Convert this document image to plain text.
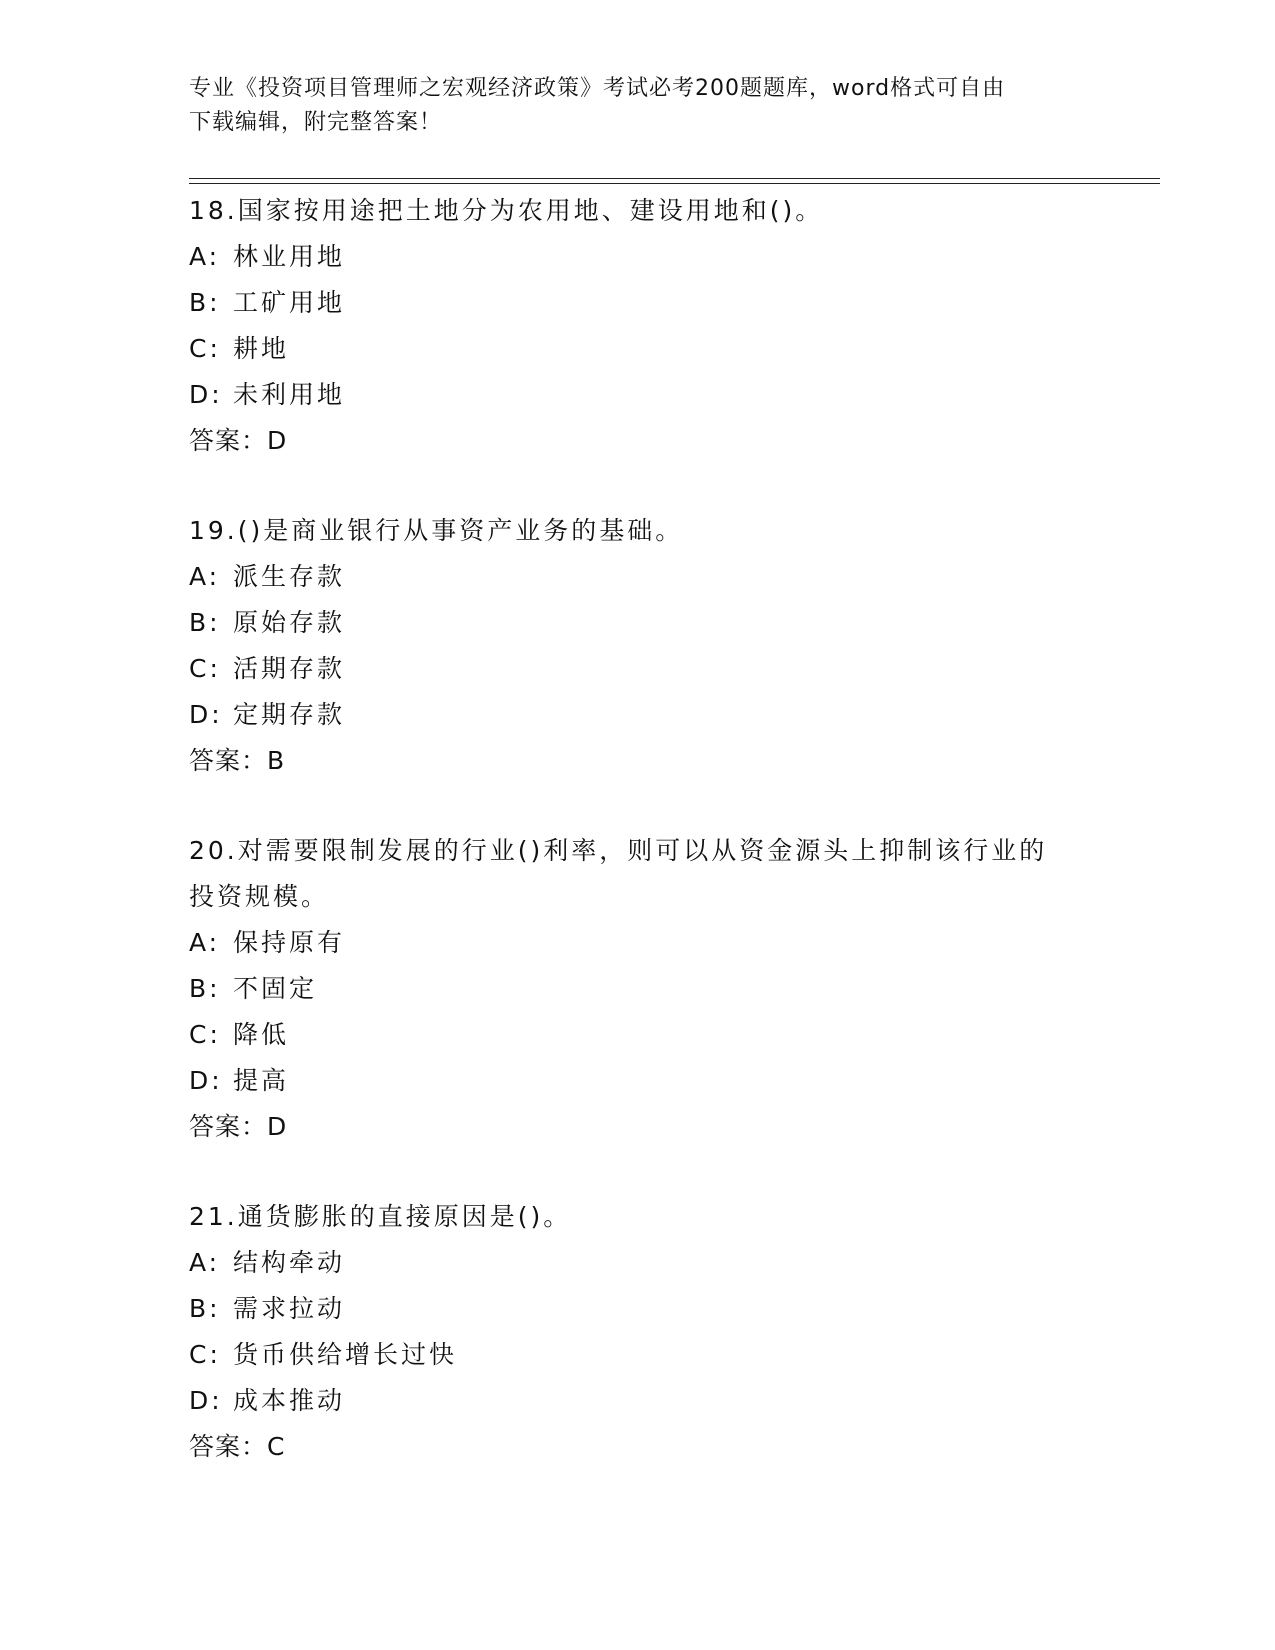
专业《投资项目管理师之宏观经济政策》考试必考200题题库，word格式可自由

下载编辑，附完整答案！

18.国家按用途把土地分为农用地、建设用地和()。
A: 林业用地
B: 工矿用地
C: 耕地
D: 未利用地
答案：D
19.()是商业银行从事资产业务的基础。
A: 派生存款
B: 原始存款
C: 活期存款
D: 定期存款
答案：B
20.对需要限制发展的行业()利率，则可以从资金源头上抑制该行业的
投资规模。
A: 保持原有
B: 不固定
C: 降低
D: 提高
答案：D
21.通货膨胀的直接原因是()。
A: 结构牵动
B: 需求拉动
C: 货币供给增长过快
D: 成本推动
答案：C
